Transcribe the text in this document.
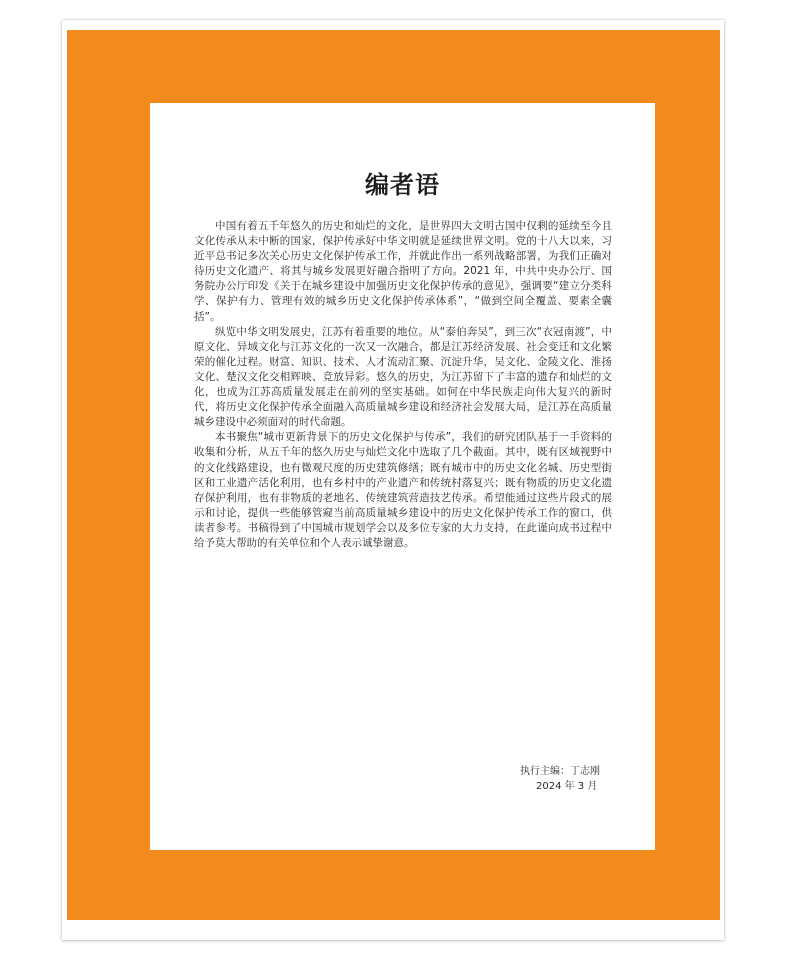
编者语

中国有着五千年悠久的历史和灿烂的文化，是世界四大文明古国中仅剩的延续至今且文化传承从未中断的国家，保护传承好中华文明就是延续世界文明。党的十八大以来，习近平总书记多次关心历史文化保护传承工作，并就此作出一系列战略部署，为我们正确对待历史文化遗产、将其与城乡发展更好融合指明了方向。2021 年，中共中央办公厅、国务院办公厅印发《关于在城乡建设中加强历史文化保护传承的意见》，强调要“建立分类科学、保护有力、管理有效的城乡历史文化保护传承体系”，“做到空间全覆盖、要素全囊括”。

纵览中华文明发展史，江苏有着重要的地位。从“泰伯奔吴”，到三次“衣冠南渡”，中原文化、异域文化与江苏文化的一次又一次融合，都是江苏经济发展、社会变迁和文化繁荣的催化过程。财富、知识、技术、人才流动汇聚、沉淀升华，吴文化、金陵文化、淮扬文化、楚汉文化交相辉映、竞放异彩。悠久的历史，为江苏留下了丰富的遗存和灿烂的文化，也成为江苏高质量发展走在前列的坚实基础。如何在中华民族走向伟大复兴的新时代，将历史文化保护传承全面融入高质量城乡建设和经济社会发展大局，是江苏在高质量城乡建设中必须面对的时代命题。

本书聚焦“城市更新背景下的历史文化保护与传承”，我们的研究团队基于一手资料的收集和分析，从五千年的悠久历史与灿烂文化中选取了几个截面。其中，既有区域视野中的文化线路建设，也有微观尺度的历史建筑修缮；既有城市中的历史文化名城、历史型街区和工业遗产活化利用，也有乡村中的产业遗产和传统村落复兴；既有物质的历史文化遗存保护利用，也有非物质的老地名、传统建筑营造技艺传承。希望能通过这些片段式的展示和讨论，提供一些能够管窥当前高质量城乡建设中的历史文化保护传承工作的窗口，供读者参考。书稿得到了中国城市规划学会以及多位专家的大力支持，在此谨向成书过程中给予莫大帮助的有关单位和个人表示诚挚谢意。

执行主编：丁志刚
2024 年 3 月
